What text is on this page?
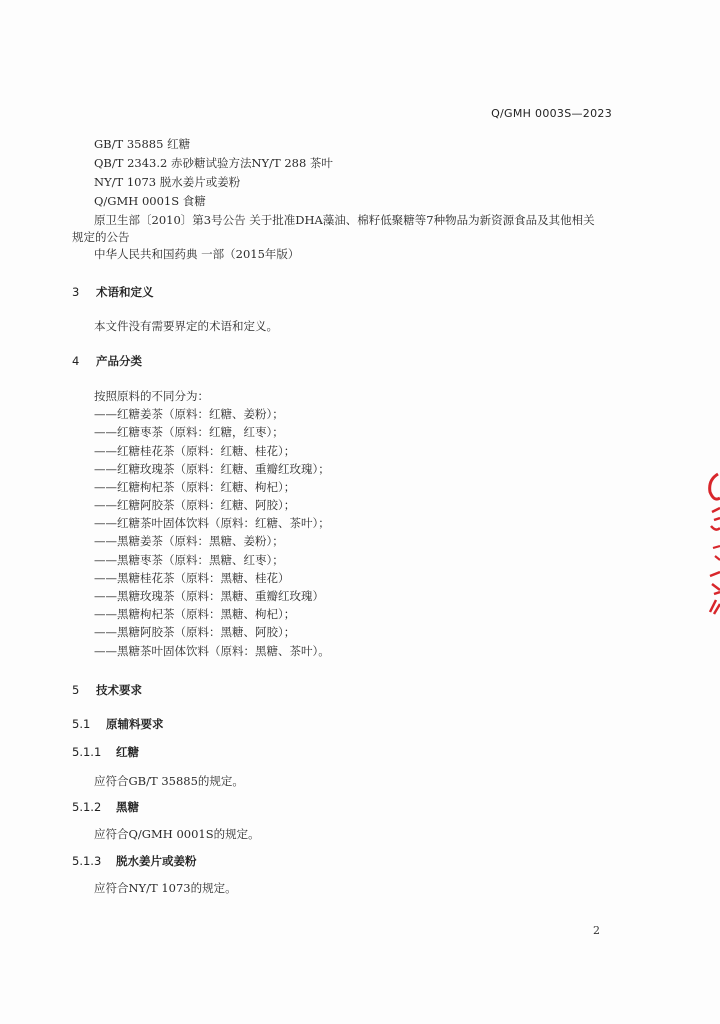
Q/GMH 0003S—2023
GB/T 35885 红糖
QB/T 2343.2 赤砂糖试验方法NY/T 288 茶叶
NY/T 1073 脱水姜片或姜粉
Q/GMH 0001S 食糖
原卫生部〔2010〕第3号公告 关于批准DHA藻油、棉籽低聚糖等7种物品为新资源食品及其他相关
规定的公告
中华人民共和国药典 一部（2015年版）
3 术语和定义
本文件没有需要界定的术语和定义。
4 产品分类
按照原料的不同分为：
——红糖姜茶（原料：红糖、姜粉）；
——红糖枣茶（原料：红糖，红枣）；
——红糖桂花茶（原料：红糖、桂花）；
——红糖玫瑰茶（原料：红糖、重瓣红玫瑰）；
——红糖枸杞茶（原料：红糖、枸杞）；
——红糖阿胶茶（原料：红糖、阿胶）；
——红糖茶叶固体饮料（原料：红糖、茶叶）；
——黑糖姜茶（原料：黑糖、姜粉）；
——黑糖枣茶（原料：黑糖、红枣）；
——黑糖桂花茶（原料：黑糖、桂花）
——黑糖玫瑰茶（原料：黑糖、重瓣红玫瑰）
——黑糖枸杞茶（原料：黑糖、枸杞）；
——黑糖阿胶茶（原料：黑糖、阿胶）；
——黑糖茶叶固体饮料（原料：黑糖、茶叶）。
5 技术要求
5.1 原辅料要求
5.1.1 红糖
应符合GB/T 35885的规定。
5.1.2 黑糖
应符合Q/GMH 0001S的规定。
5.1.3 脱水姜片或姜粉
应符合NY/T 1073的规定。
2
